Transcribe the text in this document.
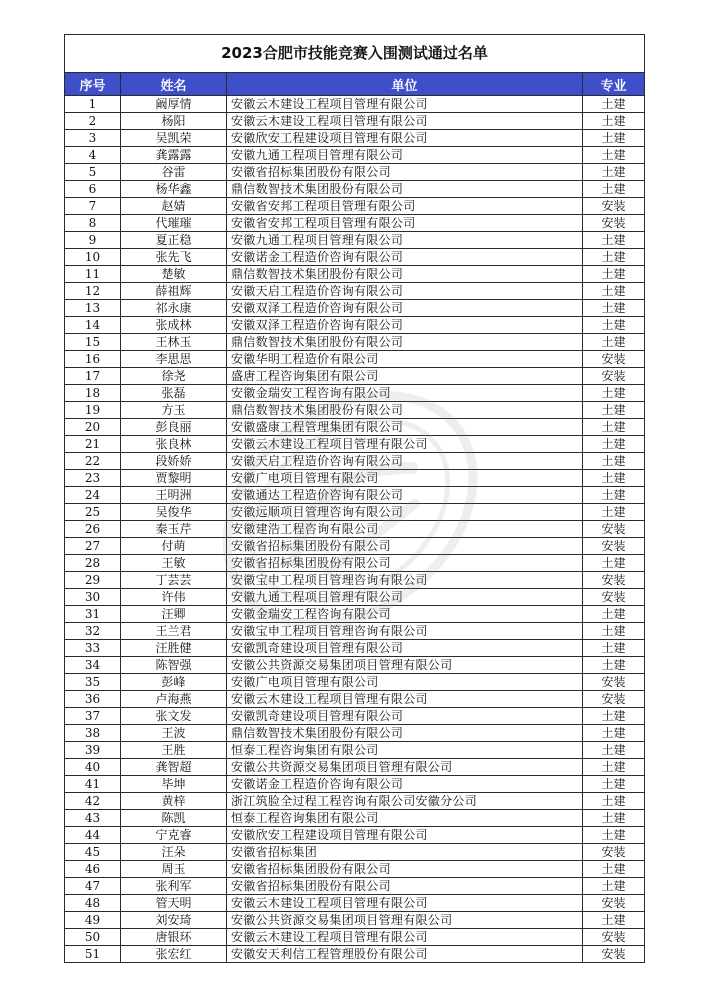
2023合肥市技能竞赛入围测试通过名单
序号	姓名	单位	专业
1	阚厚情	安徽云木建设工程项目管理有限公司	土建
2	杨阳	安徽云木建设工程项目管理有限公司	土建
3	吴凯荣	安徽欣安工程建设项目管理有限公司	土建
4	龚露露	安徽九通工程项目管理有限公司	土建
5	谷雷	安徽省招标集团股份有限公司	土建
6	杨华鑫	鼎信数智技术集团股份有限公司	土建
7	赵婧	安徽省安邦工程项目管理有限公司	安装
8	代璀璀	安徽省安邦工程项目管理有限公司	安装
9	夏正稳	安徽九通工程项目管理有限公司	土建
10	张先飞	安徽诺金工程造价咨询有限公司	土建
11	楚敏	鼎信数智技术集团股份有限公司	土建
12	薛祖辉	安徽天启工程造价咨询有限公司	土建
13	祁永康	安徽双泽工程造价咨询有限公司	土建
14	张成林	安徽双泽工程造价咨询有限公司	土建
15	王林玉	鼎信数智技术集团股份有限公司	土建
16	李思思	安徽华明工程造价有限公司	安装
17	徐尧	盛唐工程咨询集团有限公司	安装
18	张磊	安徽金瑞安工程咨询有限公司	土建
19	方玉	鼎信数智技术集团股份有限公司	土建
20	彭良丽	安徽盛康工程管理集团有限公司	土建
21	张良林	安徽云木建设工程项目管理有限公司	土建
22	段娇娇	安徽天启工程造价咨询有限公司	土建
23	贾黎明	安徽广电项目管理有限公司	土建
24	王明洲	安徽通达工程造价咨询有限公司	土建
25	吴俊华	安徽远顺项目管理咨询有限公司	土建
26	秦玉芹	安徽建浩工程咨询有限公司	安装
27	付萌	安徽省招标集团股份有限公司	安装
28	王敏	安徽省招标集团股份有限公司	土建
29	丁芸芸	安徽宝申工程项目管理咨询有限公司	安装
30	许伟	安徽九通工程项目管理有限公司	安装
31	汪卿	安徽金瑞安工程咨询有限公司	土建
32	王兰君	安徽宝申工程项目管理咨询有限公司	土建
33	汪胜健	安徽凯奇建设项目管理有限公司	土建
34	陈智强	安徽公共资源交易集团项目管理有限公司	土建
35	彭峰	安徽广电项目管理有限公司	安装
36	卢海燕	安徽云木建设工程项目管理有限公司	安装
37	张文发	安徽凯奇建设项目管理有限公司	土建
38	王波	鼎信数智技术集团股份有限公司	土建
39	王胜	恒泰工程咨询集团有限公司	土建
40	龚智超	安徽公共资源交易集团项目管理有限公司	土建
41	毕坤	安徽诺金工程造价咨询有限公司	土建
42	黄梓	浙江筑脸全过程工程咨询有限公司安徽分公司	土建
43	陈凯	恒泰工程咨询集团有限公司	土建
44	宁克睿	安徽欣安工程建设项目管理有限公司	土建
45	汪朵	安徽省招标集团	安装
46	周玉	安徽省招标集团股份有限公司	土建
47	张利军	安徽省招标集团股份有限公司	土建
48	管天明	安徽云木建设工程项目管理有限公司	安装
49	刘安琦	安徽公共资源交易集团项目管理有限公司	土建
50	唐银环	安徽云木建设工程项目管理有限公司	安装
51	张宏红	安徽安天利信工程管理股份有限公司	安装
